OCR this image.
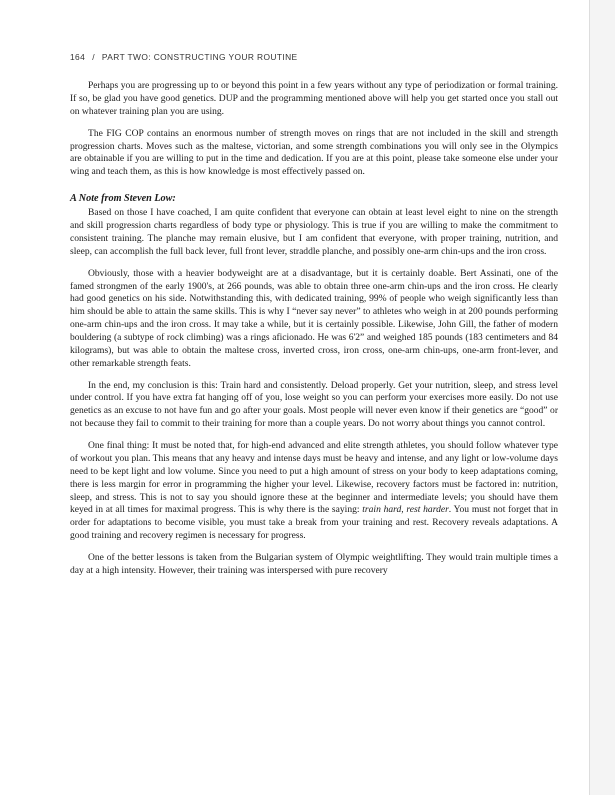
164 / PART TWO: CONSTRUCTING YOUR ROUTINE

Perhaps you are progressing up to or beyond this point in a few years without any type of periodization or formal training. If so, be glad you have good genetics. DUP and the programming mentioned above will help you get started once you stall out on whatever training plan you are using.

The FIG COP contains an enormous number of strength moves on rings that are not included in the skill and strength progression charts. Moves such as the maltese, victorian, and some strength combinations you will only see in the Olympics are obtainable if you are willing to put in the time and dedication. If you are at this point, please take someone else under your wing and teach them, as this is how knowledge is most effectively passed on.

A Note from Steven Low:

Based on those I have coached, I am quite confident that everyone can obtain at least level eight to nine on the strength and skill progression charts regardless of body type or physiology. This is true if you are willing to make the commitment to consistent training. The planche may remain elusive, but I am confident that everyone, with proper training, nutrition, and sleep, can accomplish the full back lever, full front lever, straddle planche, and possibly one-arm chin-ups and the iron cross.

Obviously, those with a heavier bodyweight are at a disadvantage, but it is certainly doable. Bert Assinati, one of the famed strongmen of the early 1900's, at 266 pounds, was able to obtain three one-arm chin-ups and the iron cross. He clearly had good genetics on his side. Notwithstanding this, with dedicated training, 99% of people who weigh significantly less than him should be able to attain the same skills. This is why I “never say never” to athletes who weigh in at 200 pounds performing one-arm chin-ups and the iron cross. It may take a while, but it is certainly possible. Likewise, John Gill, the father of modern bouldering (a subtype of rock climbing) was a rings aficionado. He was 6'2” and weighed 185 pounds (183 centimeters and 84 kilograms), but was able to obtain the maltese cross, inverted cross, iron cross, one-arm chin-ups, one-arm front-lever, and other remarkable strength feats.

In the end, my conclusion is this: Train hard and consistently. Deload properly. Get your nutrition, sleep, and stress level under control. If you have extra fat hanging off of you, lose weight so you can perform your exercises more easily. Do not use genetics as an excuse to not have fun and go after your goals. Most people will never even know if their genetics are “good” or not because they fail to commit to their training for more than a couple years. Do not worry about things you cannot control.

One final thing: It must be noted that, for high-end advanced and elite strength athletes, you should follow whatever type of workout you plan. This means that any heavy and intense days must be heavy and intense, and any light or low-volume days need to be kept light and low volume. Since you need to put a high amount of stress on your body to keep adaptations coming, there is less margin for error in programming the higher your level. Likewise, recovery factors must be factored in: nutrition, sleep, and stress. This is not to say you should ignore these at the beginner and intermediate levels; you should have them keyed in at all times for maximal progress. This is why there is the saying: train hard, rest harder. You must not forget that in order for adaptations to become visible, you must take a break from your training and rest. Recovery reveals adaptations. A good training and recovery regimen is necessary for progress.

One of the better lessons is taken from the Bulgarian system of Olympic weightlifting. They would train multiple times a day at a high intensity. However, their training was interspersed with pure recovery
